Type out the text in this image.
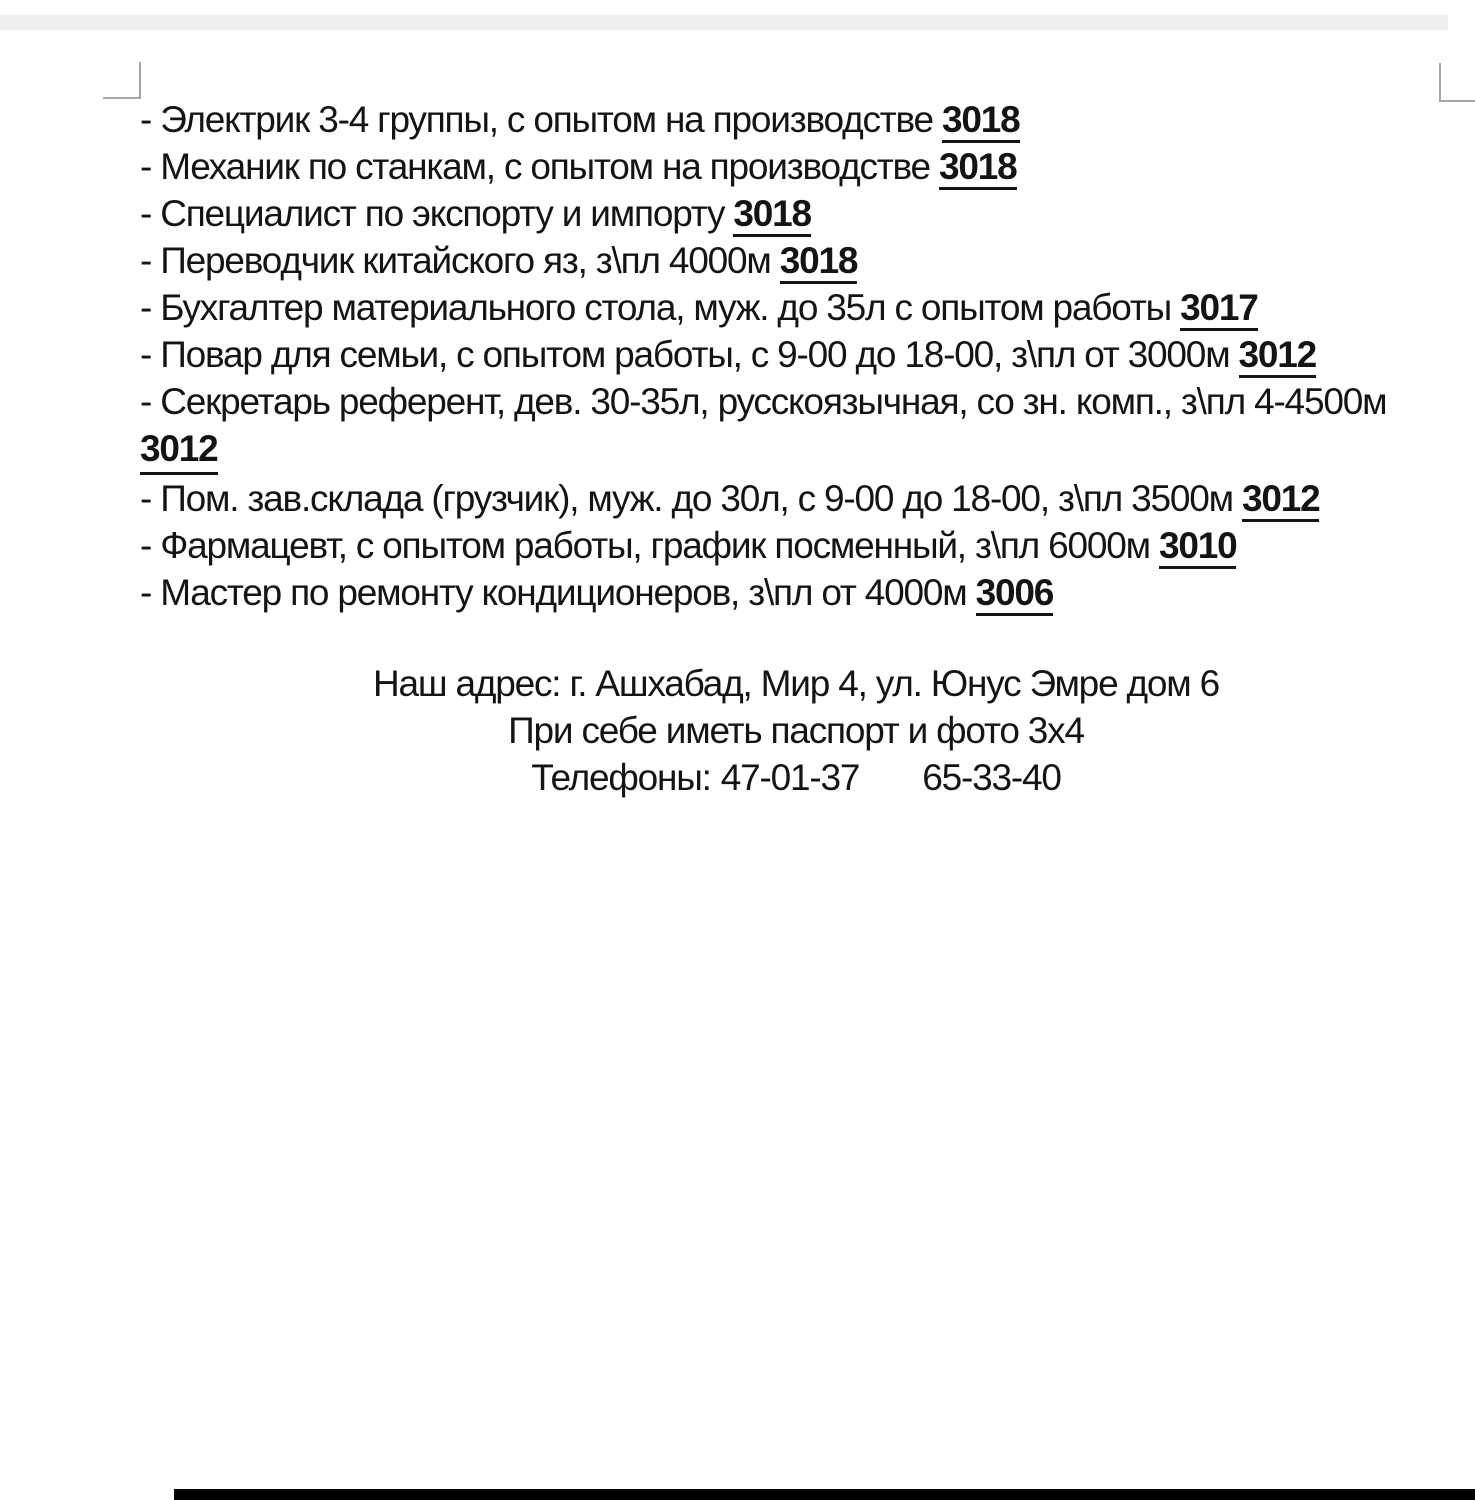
- Электрик 3-4 группы, с опытом на производстве 3018
- Механик по станкам, с опытом на производстве 3018
- Специалист по экспорту и импорту 3018
- Переводчик китайского яз, з\пл 4000м 3018
- Бухгалтер материального стола, муж. до 35л с опытом работы 3017
- Повар для семьи, с опытом работы, с 9-00 до 18-00, з\пл от 3000м 3012
- Секретарь референт, дев. 30-35л, русскоязычная, со зн. комп., з\пл 4-4500м
3012
- Пом. зав.склада (грузчик), муж. до 30л, с 9-00 до 18-00, з\пл 3500м 3012
- Фармацевт, с опытом работы, график посменный, з\пл 6000м 3010
- Мастер по ремонту кондиционеров, з\пл от 4000м 3006
Наш адрес: г. Ашхабад, Мир 4, ул. Юнус Эмре дом 6
При себе иметь паспорт и фото 3х4
Телефоны: 47-01-37 65-33-40
